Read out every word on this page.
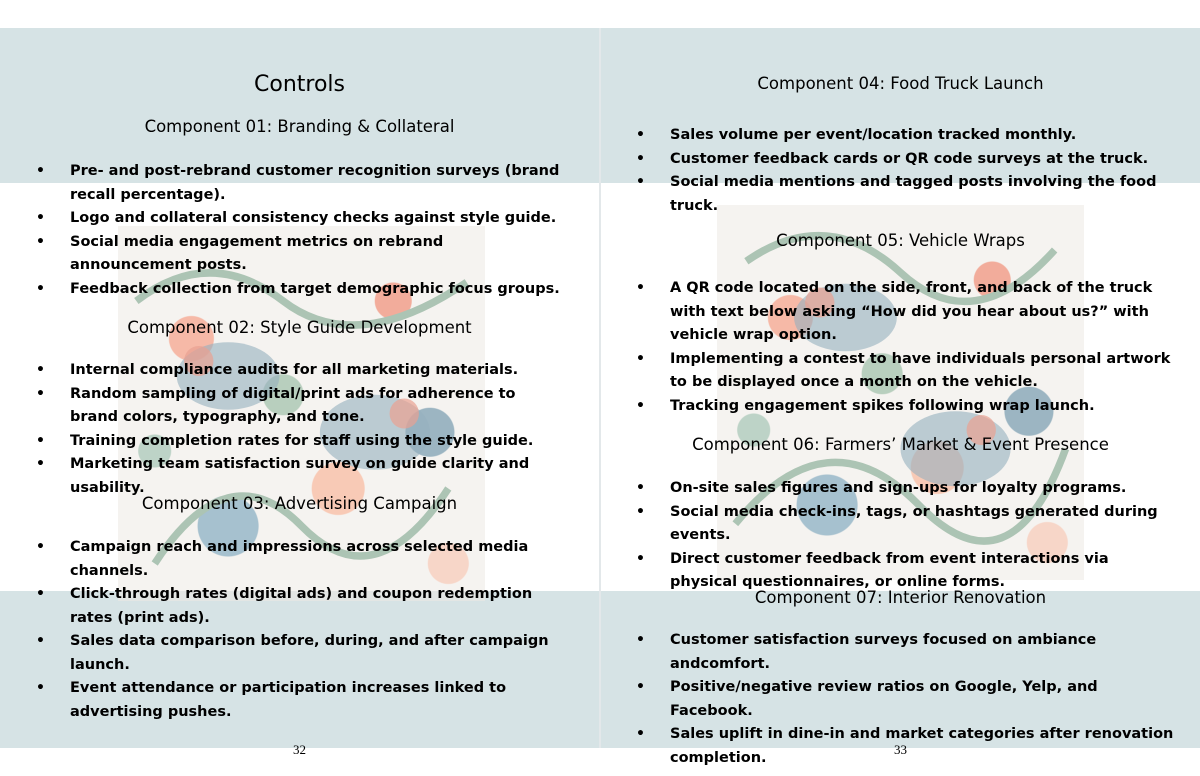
Controls
Component 01: Branding & Collateral
• Pre- and post-rebrand customer recognition surveys (brand recall percentage).
• Logo and collateral consistency checks against style guide.
• Social media engagement metrics on rebrand announcement posts.
• Feedback collection from target demographic focus groups.
Component 02: Style Guide Development
• Internal compliance audits for all marketing materials.
• Random sampling of digital/print ads for adherence to brand colors, typography, and tone.
• Training completion rates for staff using the style guide.
• Marketing team satisfaction survey on guide clarity and usability.
Component 03: Advertising Campaign
• Campaign reach and impressions across selected media channels.
• Click-through rates (digital ads) and coupon redemption rates (print ads).
• Sales data comparison before, during, and after campaign launch.
• Event attendance or participation increases linked to advertising pushes.
32
Component 04: Food Truck Launch
• Sales volume per event/location tracked monthly.
• Customer feedback cards or QR code surveys at the truck.
• Social media mentions and tagged posts involving the food truck.
Component 05: Vehicle Wraps
• A QR code located on the side, front, and back of the truck with text below asking “How did you hear about us?” with vehicle wrap option.
• Implementing a contest to have individuals personal artwork to be displayed once a month on the vehicle.
• Tracking engagement spikes following wrap launch.
Component 06: Farmers’ Market & Event Presence
• On-site sales figures and sign-ups for loyalty programs.
• Social media check-ins, tags, or hashtags generated during events.
• Direct customer feedback from event interactions via physical questionnaires, or online forms.
Component 07: Interior Renovation
• Customer satisfaction surveys focused on ambiance andcomfort.
• Positive/negative review ratios on Google, Yelp, and Facebook.
• Sales uplift in dine-in and market categories after renovation completion.	33
